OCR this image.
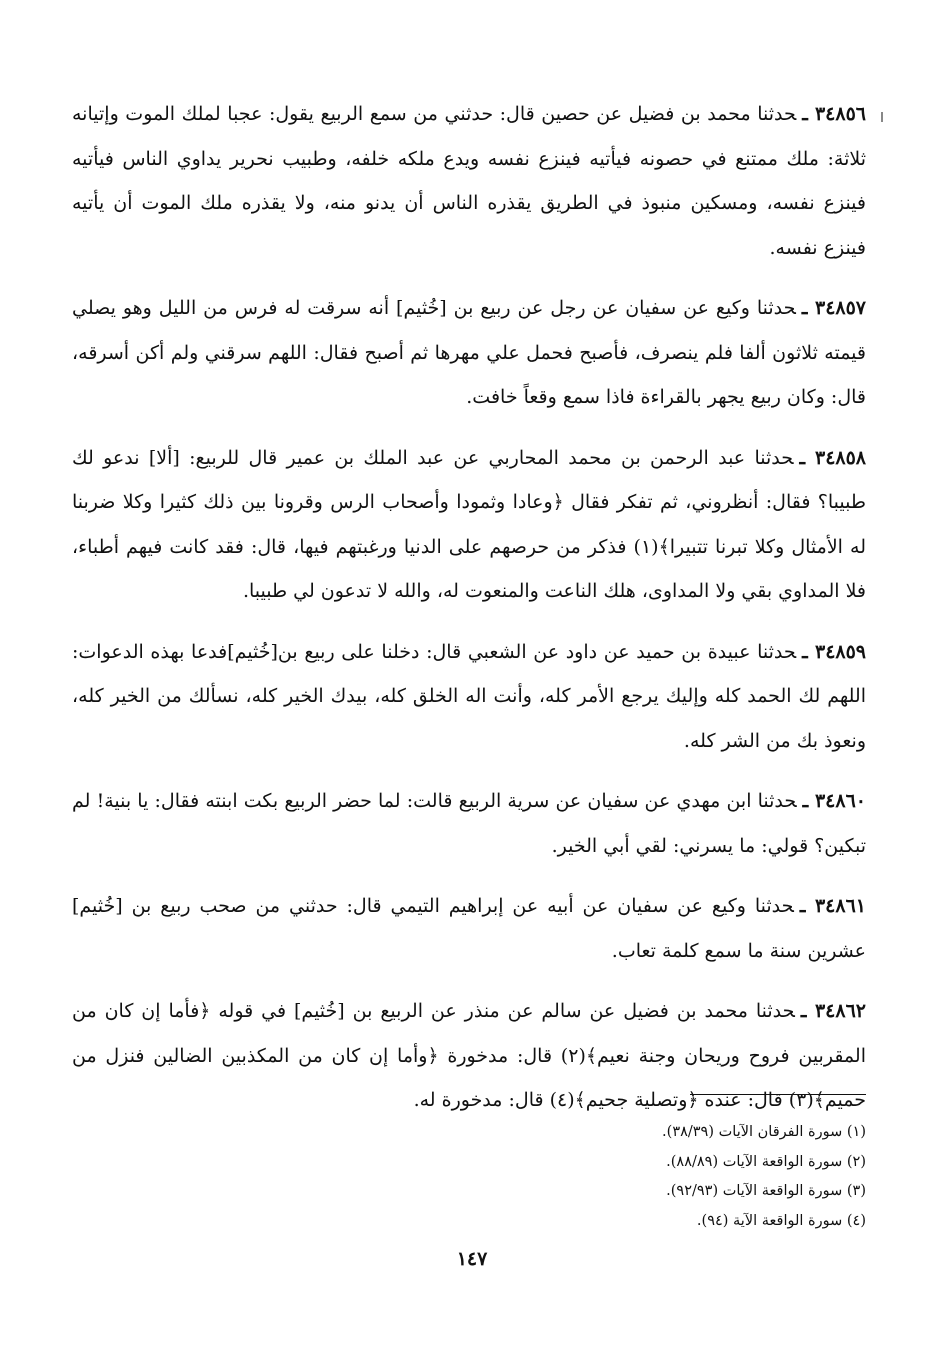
٣٤٨٥٦ ـحدثنا محمد بن فضيل عن حصين قال: حدثني من سمع الربيع يقول: عجبا لملك الموت وإتيانه ثلاثة: ملك ممتنع في حصونه فيأتيه فينزع نفسه ويدع ملكه خلفه، وطبيب نحرير يداوي الناس فيأتيه فينزع نفسه، ومسكين منبوذ في الطريق يقذره الناس أن يدنو منه، ولا يقذره ملك الموت أن يأتيه فينزع نفسه.

٣٤٨٥٧ ـحدثنا وكيع عن سفيان عن رجل عن ربيع بن [خُثيم] أنه سرقت له فرس من الليل وهو يصلي قيمته ثلاثون ألفا فلم ينصرف، فأصبح فحمل علي مهرها ثم أصبح فقال: اللهم سرقني ولم أكن أسرقه، قال: وكان ربيع يجهر بالقراءة فاذا سمع وقعاً خافت.

٣٤٨٥٨ ـحدثنا عبد الرحمن بن محمد المحاربي عن عبد الملك بن عمير قال للربيع: [ألا] ندعو لك طبيبا؟ فقال: أنظروني، ثم تفكر فقال ﴿وعادا وثمودا وأصحاب الرس وقرونا بين ذلك كثيرا وكلا ضربنا له الأمثال وكلا تبرنا تتبيرا﴾(١) فذكر من حرصهم على الدنيا ورغبتهم فيها، قال: فقد كانت فيهم أطباء، فلا المداوي بقي ولا المداوى، هلك الناعت والمنعوت له، والله لا تدعون لي طبيبا.

٣٤٨٥٩ ـحدثنا عبيدة بن حميد عن داود عن الشعبي قال: دخلنا على ربيع بن[خُثيم]فدعا بهذه الدعوات: اللهم لك الحمد كله وإليك يرجع الأمر كله، وأنت اله الخلق كله، بيدك الخير كله، نسألك من الخير كله، ونعوذ بك من الشر كله.

٣٤٨٦٠ ـحدثنا ابن مهدي عن سفيان عن سرية الربيع قالت: لما حضر الربيع بكت ابنته فقال: يا بنية! لم تبكين؟ قولي: ما يسرني: لقي أبي الخير.

٣٤٨٦١ ـحدثنا وكيع عن سفيان عن أبيه عن إبراهيم التيمي قال: حدثني من صحب ربيع بن [خُثيم] عشرين سنة ما سمع كلمة تعاب.

٣٤٨٦٢ ـحدثنا محمد بن فضيل عن سالم عن منذر عن الربيع بن [خُثيم] في قوله ﴿فأما إن كان من المقربين فروح وريحان وجنة نعيم﴾(٢) قال: مدخورة ﴿وأما إن كان من المكذبين الضالين فنزل من حميم﴾(٣) قال: عنده ﴿وتصلية جحيم﴾(٤) قال: مدخورة له.

(١) سورة الفرقان الآيات (٣٨/٣٩).

(٢) سورة الواقعة الآيات (٨٨/٨٩).

(٣) سورة الواقعة الآيات (٩٢/٩٣).

(٤) سورة الواقعة الآية (٩٤).

١٤٧
